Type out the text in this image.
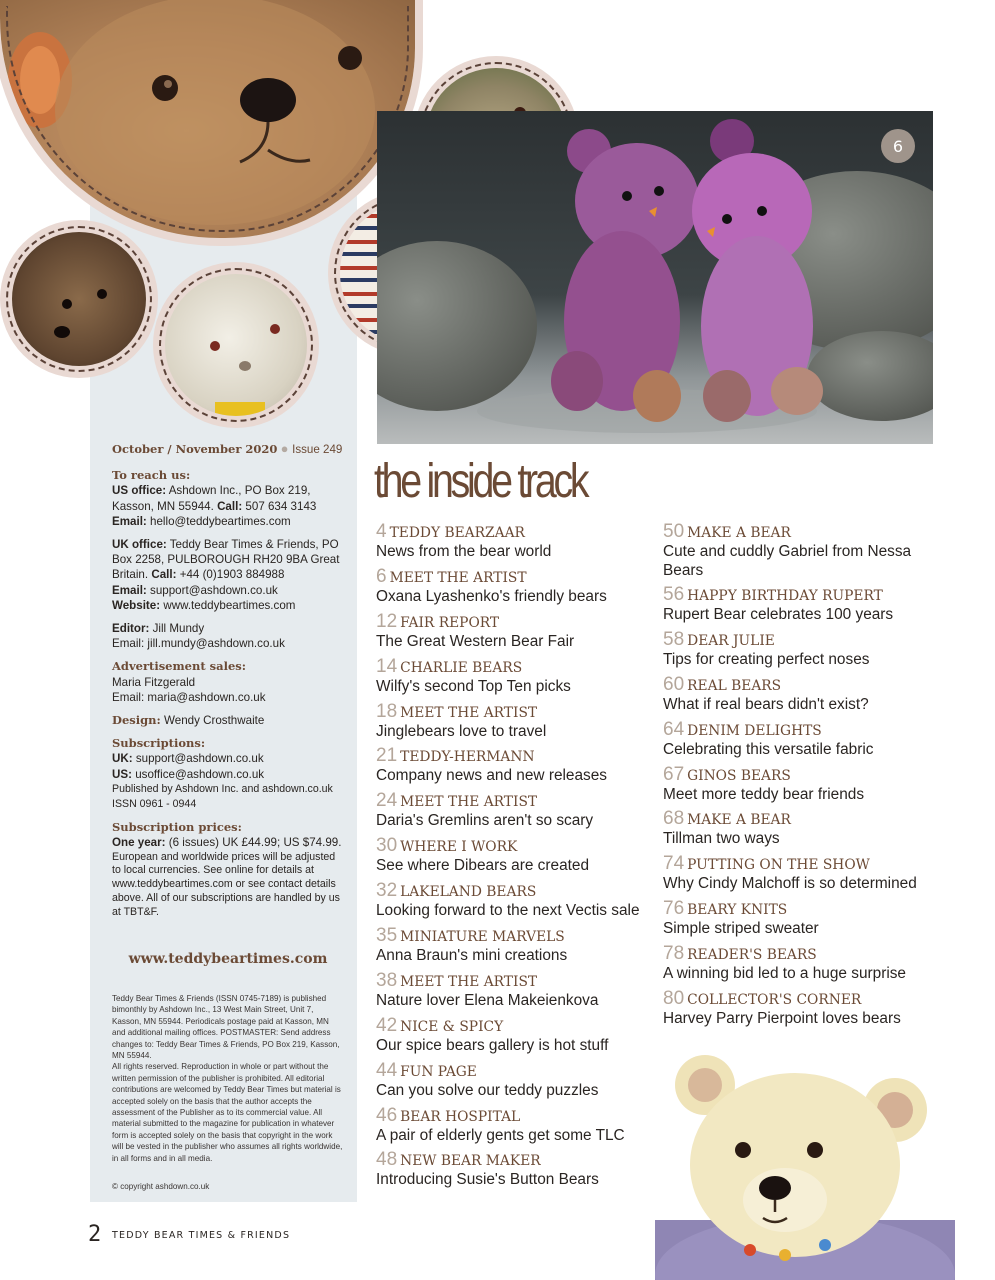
6
October / November 2020 ● Issue 249
To reach us:
US office: Ashdown Inc., PO Box 219, Kasson, MN 55944. Call: 507 634 3143
Email: hello@teddybeartimes.com
UK office: Teddy Bear Times & Friends, PO Box 2258, PULBOROUGH RH20 9BA Great Britain. Call: +44 (0)1903 884988
Email: support@ashdown.co.uk
Website: www.teddybeartimes.com
Editor: Jill Mundy
Email: jill.mundy@ashdown.co.uk
Advertisement sales:
Maria Fitzgerald
Email: maria@ashdown.co.uk
Design: Wendy Crosthwaite
Subscriptions:
UK: support@ashdown.co.uk
US: usoffice@ashdown.co.uk
Published by Ashdown Inc. and ashdown.co.uk ISSN 0961 - 0944
Subscription prices:
One year: (6 issues) UK £44.99; US $74.99.
European and worldwide prices will be adjusted to local currencies. See online for details at www.teddybeartimes.com or see contact details above. All of our subscriptions are handled by us at TBT&F.
www.teddybeartimes.com
Teddy Bear Times & Friends (ISSN 0745-7189) is published bimonthly by Ashdown Inc., 13 West Main Street, Unit 7, Kasson, MN 55944. Periodicals postage paid at Kasson, MN and additional mailing offices. POSTMASTER: Send address changes to: Teddy Bear Times & Friends, PO Box 219, Kasson, MN 55944.
All rights reserved. Reproduction in whole or part without the written permission of the publisher is prohibited. All editorial contributions are welcomed by Teddy Bear Times but material is accepted solely on the basis that the author accepts the assessment of the Publisher as to its commercial value. All material submitted to the magazine for publication in whatever form is accepted solely on the basis that copyright in the work will be vested in the publisher who assumes all rights worldwide, in all forms and in all media.
© copyright ashdown.co.uk
2 TEDDY BEAR TIMES & FRIENDS
the inside track
4 TEDDY BEARZAAR
News from the bear world
6 MEET THE ARTIST
Oxana Lyashenko's friendly bears
12 FAIR REPORT
The Great Western Bear Fair
14 CHARLIE BEARS
Wilfy's second Top Ten picks
18 MEET THE ARTIST
Jinglebears love to travel
21 TEDDY-HERMANN
Company news and new releases
24 MEET THE ARTIST
Daria's Gremlins aren't so scary
30 WHERE I WORK
See where Dibears are created
32 LAKELAND BEARS
Looking forward to the next Vectis sale
35 MINIATURE MARVELS
Anna Braun's mini creations
38 MEET THE ARTIST
Nature lover Elena Makeienkova
42 NICE & SPICY
Our spice bears gallery is hot stuff
44 FUN PAGE
Can you solve our teddy puzzles
46 BEAR HOSPITAL
A pair of elderly gents get some TLC
48 NEW BEAR MAKER
Introducing Susie's Button Bears
50 MAKE A BEAR
Cute and cuddly Gabriel from Nessa Bears
56 HAPPY BIRTHDAY RUPERT
Rupert Bear celebrates 100 years
58 DEAR JULIE
Tips for creating perfect noses
60 REAL BEARS
What if real bears didn't exist?
64 DENIM DELIGHTS
Celebrating this versatile fabric
67 GINOS BEARS
Meet more teddy bear friends
68 MAKE A BEAR
Tillman two ways
74 PUTTING ON THE SHOW
Why Cindy Malchoff is so determined
76 BEARY KNITS
Simple striped sweater
78 READER'S BEARS
A winning bid led to a huge surprise
80 COLLECTOR'S CORNER
Harvey Parry Pierpoint loves bears
